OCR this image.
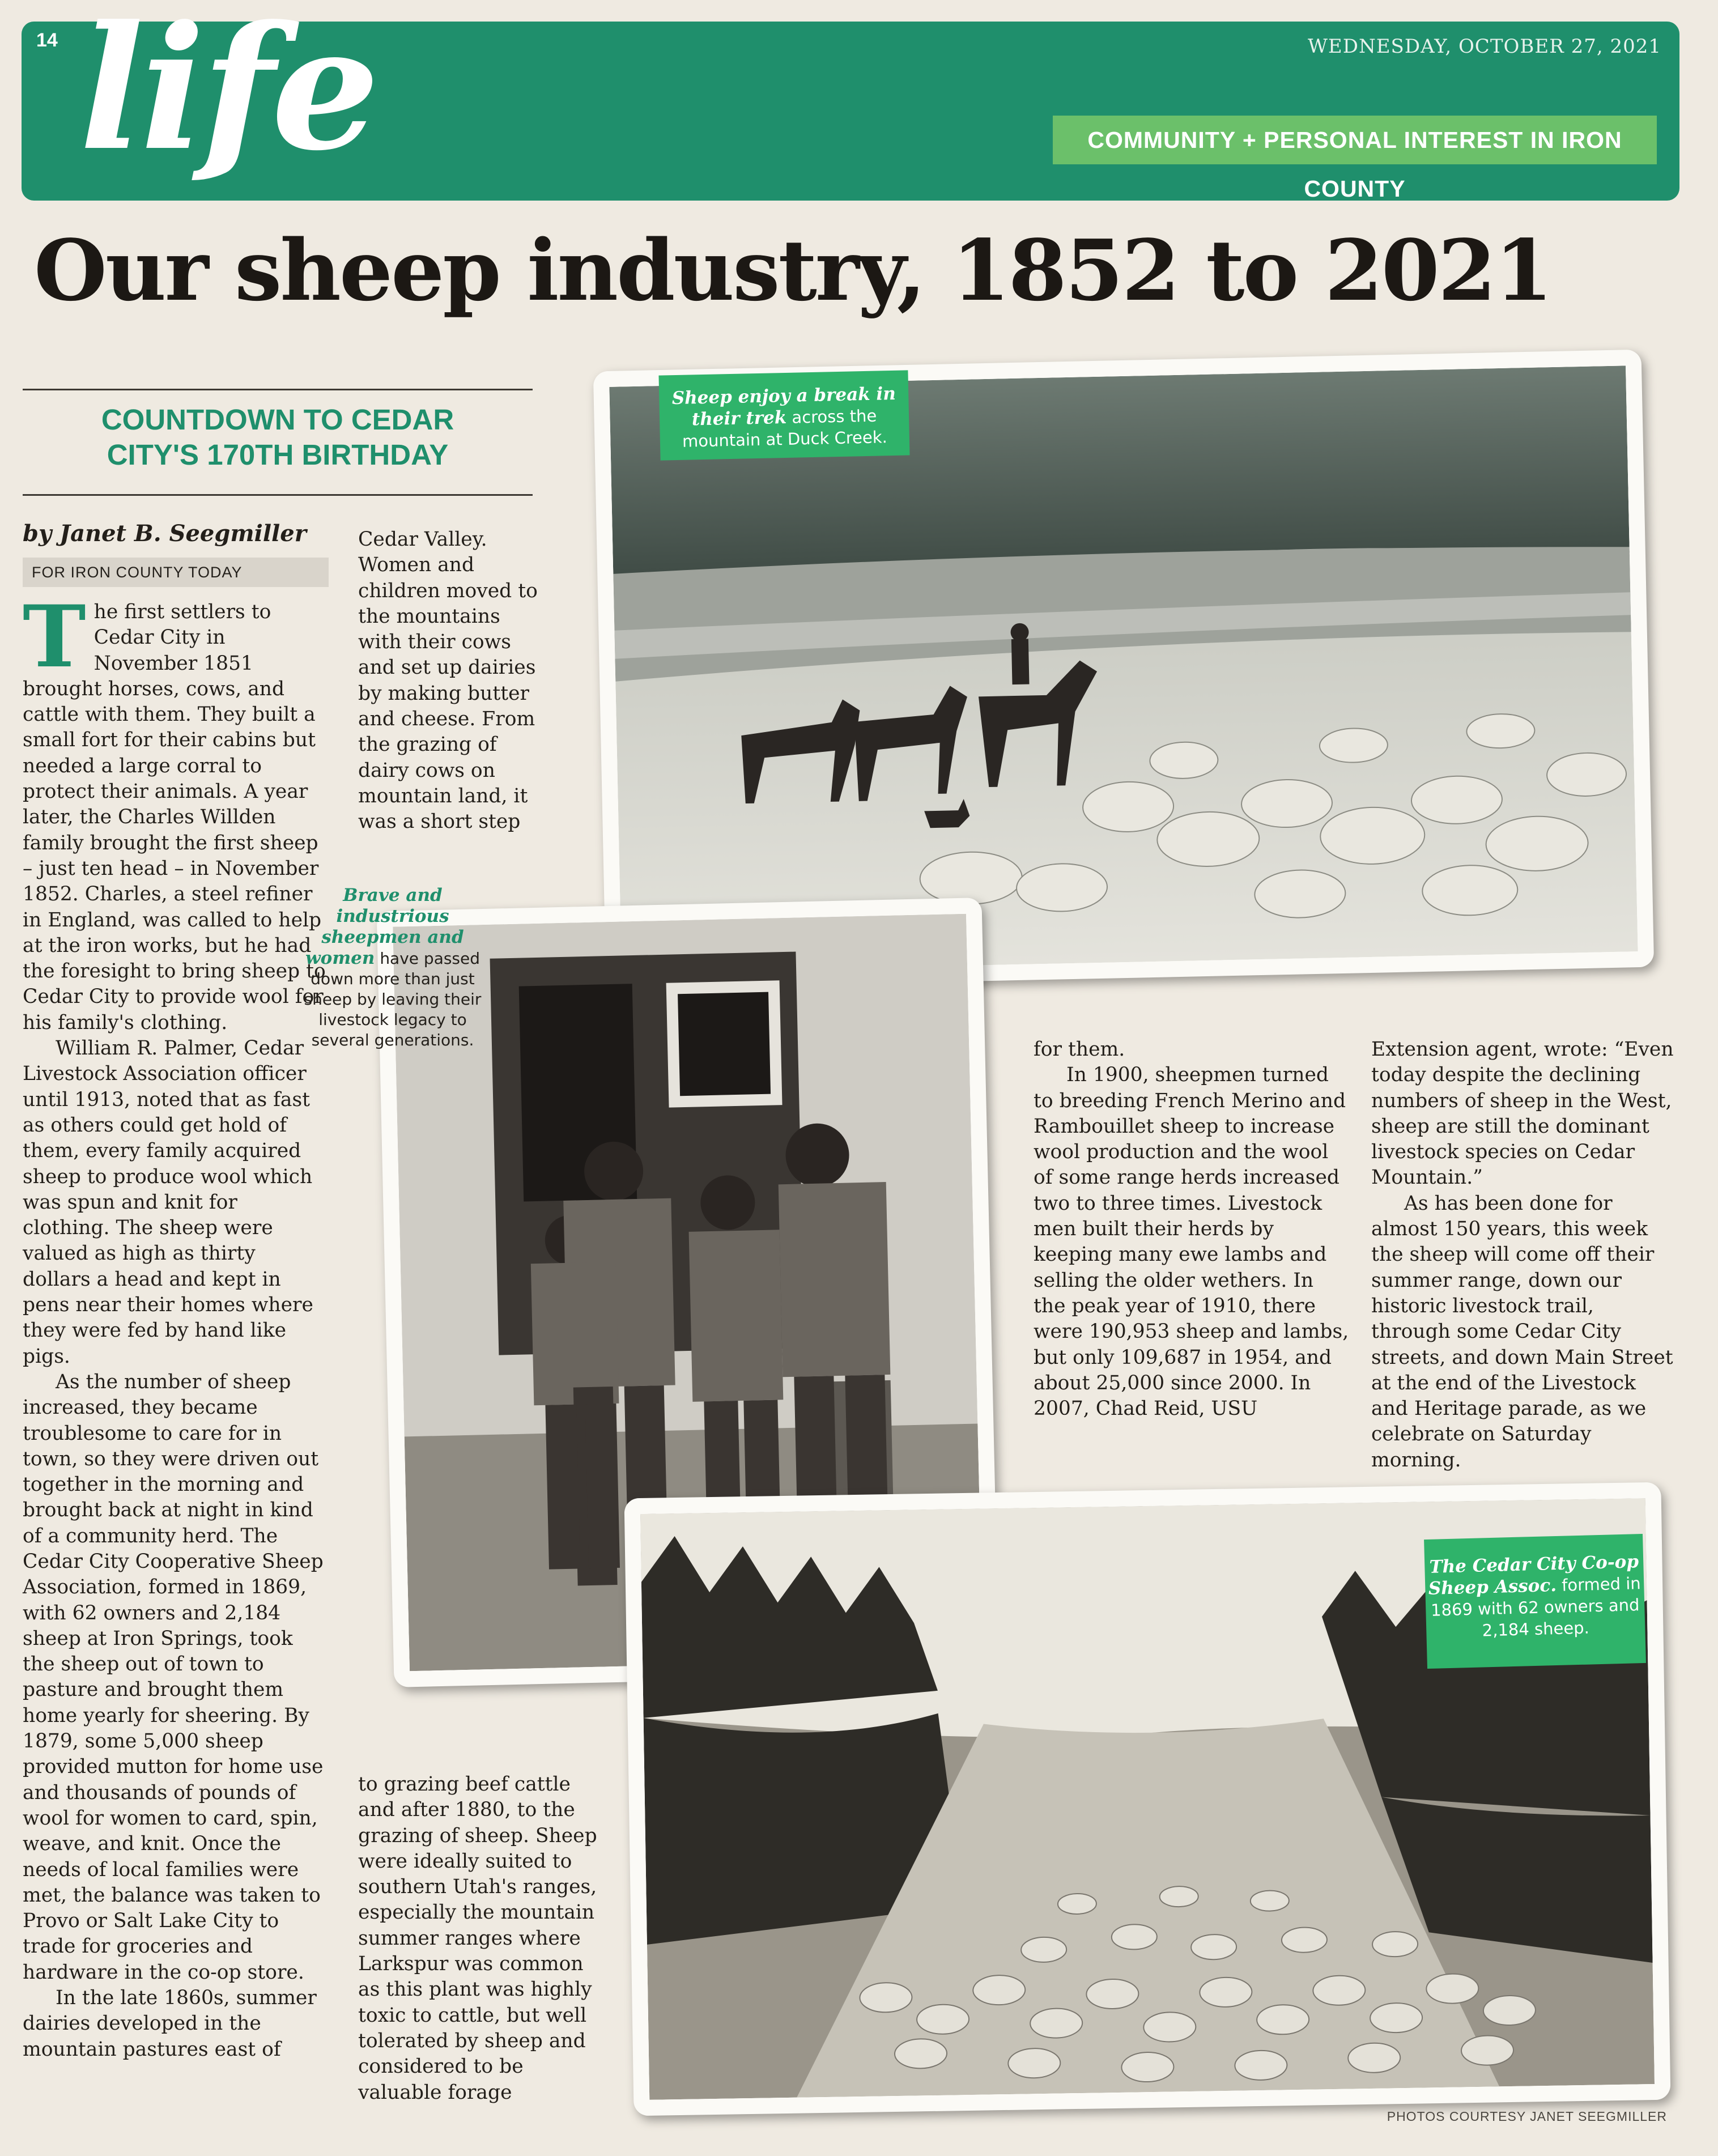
14 life	WEDNESDAY, OCTOBER 27, 2021
COMMUNITY + PERSONAL INTEREST IN IRON COUNTY
Our sheep industry, 1852 to 2021
COUNTDOWN TO CEDAR
CITY'S 170TH BIRTHDAY
by Janet B. Seegmiller
FOR IRON COUNTY TODAY

The first settlers to Cedar City in November 1851 brought horses, cows, and cattle with them. They built a small fort for their cabins but needed a large corral to protect their animals. A year later, the Charles Willden family brought the first sheep – just ten head – in November 1852. Charles, a steel refiner in England, was called to help at the iron works, but he had the foresight to bring sheep to Cedar City to provide wool for his family's clothing.

William R. Palmer, Cedar Livestock Association officer until 1913, noted that as fast as others could get hold of them, every family acquired sheep to produce wool which was spun and knit for clothing. The sheep were valued as high as thirty dollars a head and kept in pens near their homes where they were fed by hand like pigs.

As the number of sheep increased, they became troublesome to care for in town, so they were driven out together in the morning and brought back at night in kind of a community herd. The Cedar City Cooperative Sheep Association, formed in 1869, with 62 owners and 2,184 sheep at Iron Springs, took the sheep out of town to pasture and brought them home yearly for sheering. By 1879, some 5,000 sheep provided mutton for home use and thousands of pounds of wool for women to card, spin, weave, and knit. Once the needs of local families were met, the balance was taken to Provo or Salt Lake City to trade for groceries and hardware in the co-op store.

In the late 1860s, summer dairies developed in the mountain pastures east of

Cedar Valley. Women and children moved to the mountains with their cows and set up dairies by making butter and cheese. From the grazing of dairy cows on mountain land, it was a short step

to grazing beef cattle and after 1880, to the grazing of sheep. Sheep were ideally suited to southern Utah's ranges, especially the mountain summer ranges where Larkspur was common as this plant was highly toxic to cattle, but well tolerated by sheep and considered to be valuable forage

for them.

In 1900, sheepmen turned to breeding French Merino and Rambouillet sheep to increase wool production and the wool of some range herds increased two to three times. Livestock men built their herds by keeping many ewe lambs and selling the older wethers. In the peak year of 1910, there were 190,953 sheep and lambs, but only 109,687 in 1954, and about 25,000 since 2000. In 2007, Chad Reid, USU

Extension agent, wrote: “Even today despite the declining numbers of sheep in the West, sheep are still the dominant livestock species on Cedar Mountain.”

As has been done for almost 150 years, this week the sheep will come off their summer range, down our historic livestock trail, through some Cedar City streets, and down Main Street at the end of the Livestock and Heritage parade, as we celebrate on Saturday morning.

Sheep enjoy a break in their trek across the mountain at Duck Creek.
Brave and industrious sheepmen and women have passed down more than just sheep by leaving their livestock legacy to several generations.
The Cedar City Co-op Sheep Assoc. formed in 1869 with 62 owners and 2,184 sheep.
PHOTOS COURTESY JANET SEEGMILLER
